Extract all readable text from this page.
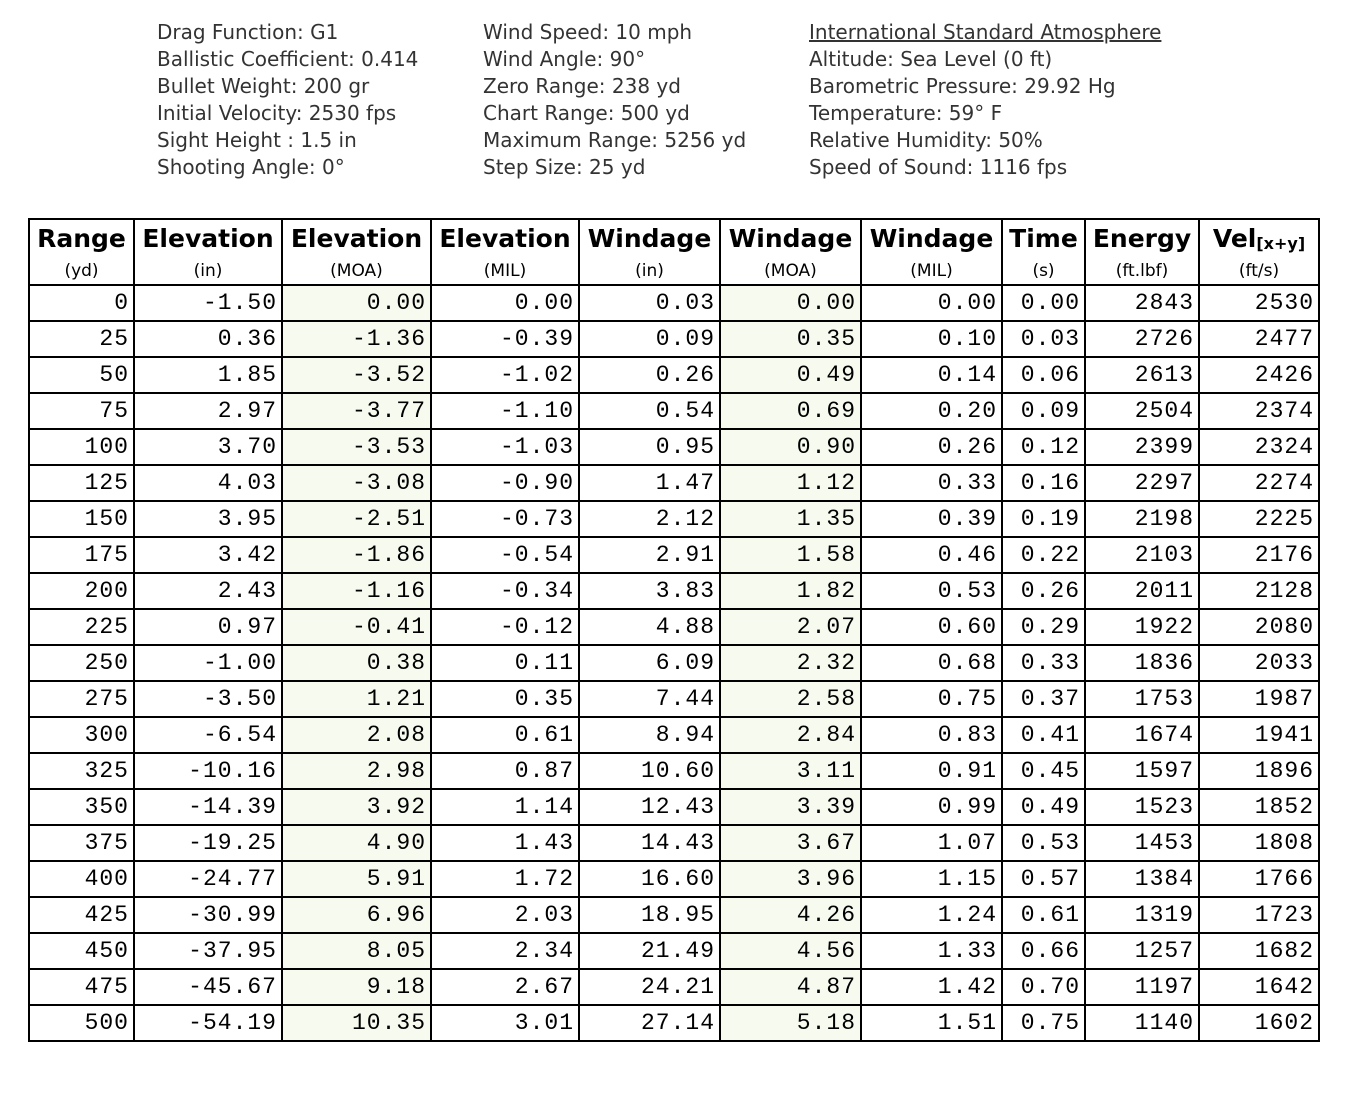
Drag Function: G1
Ballistic Coefficient: 0.414
Bullet Weight: 200 gr
Initial Velocity: 2530 fps
Sight Height : 1.5 in
Shooting Angle: 0°
Wind Speed: 10 mph
Wind Angle: 90°
Zero Range: 238 yd
Chart Range: 500 yd
Maximum Range: 5256 yd
Step Size: 25 yd
International Standard Atmosphere
Altitude: Sea Level (0 ft)
Barometric Pressure: 29.92 Hg
Temperature: 59° F
Relative Humidity: 50%
Speed of Sound: 1116 fps
Range	Elevation	Elevation	Elevation	Windage	Windage	Windage	Time	Energy	Vel$_{[x+y]}$
(yd)	(in)	(MOA)	(MIL)	(in)	(MOA)	(MIL)	(s)	(ft.lbf)	(ft/s)
0	-1.50	0.00	0.00	0.03	0.00	0.00	0.00	2843	2530
25	0.36	-1.36	-0.39	0.09	0.35	0.10	0.03	2726	2477
50	1.85	-3.52	-1.02	0.26	0.49	0.14	0.06	2613	2426
75	2.97	-3.77	-1.10	0.54	0.69	0.20	0.09	2504	2374
100	3.70	-3.53	-1.03	0.95	0.90	0.26	0.12	2399	2324
125	4.03	-3.08	-0.90	1.47	1.12	0.33	0.16	2297	2274
150	3.95	-2.51	-0.73	2.12	1.35	0.39	0.19	2198	2225
175	3.42	-1.86	-0.54	2.91	1.58	0.46	0.22	2103	2176
200	2.43	-1.16	-0.34	3.83	1.82	0.53	0.26	2011	2128
225	0.97	-0.41	-0.12	4.88	2.07	0.60	0.29	1922	2080
250	-1.00	0.38	0.11	6.09	2.32	0.68	0.33	1836	2033
275	-3.50	1.21	0.35	7.44	2.58	0.75	0.37	1753	1987
300	-6.54	2.08	0.61	8.94	2.84	0.83	0.41	1674	1941
325	-10.16	2.98	0.87	10.60	3.11	0.91	0.45	1597	1896
350	-14.39	3.92	1.14	12.43	3.39	0.99	0.49	1523	1852
375	-19.25	4.90	1.43	14.43	3.67	1.07	0.53	1453	1808
400	-24.77	5.91	1.72	16.60	3.96	1.15	0.57	1384	1766
425	-30.99	6.96	2.03	18.95	4.26	1.24	0.61	1319	1723
450	-37.95	8.05	2.34	21.49	4.56	1.33	0.66	1257	1682
475	-45.67	9.18	2.67	24.21	4.87	1.42	0.70	1197	1642
500	-54.19	10.35	3.01	27.14	5.18	1.51	0.75	1140	1602
